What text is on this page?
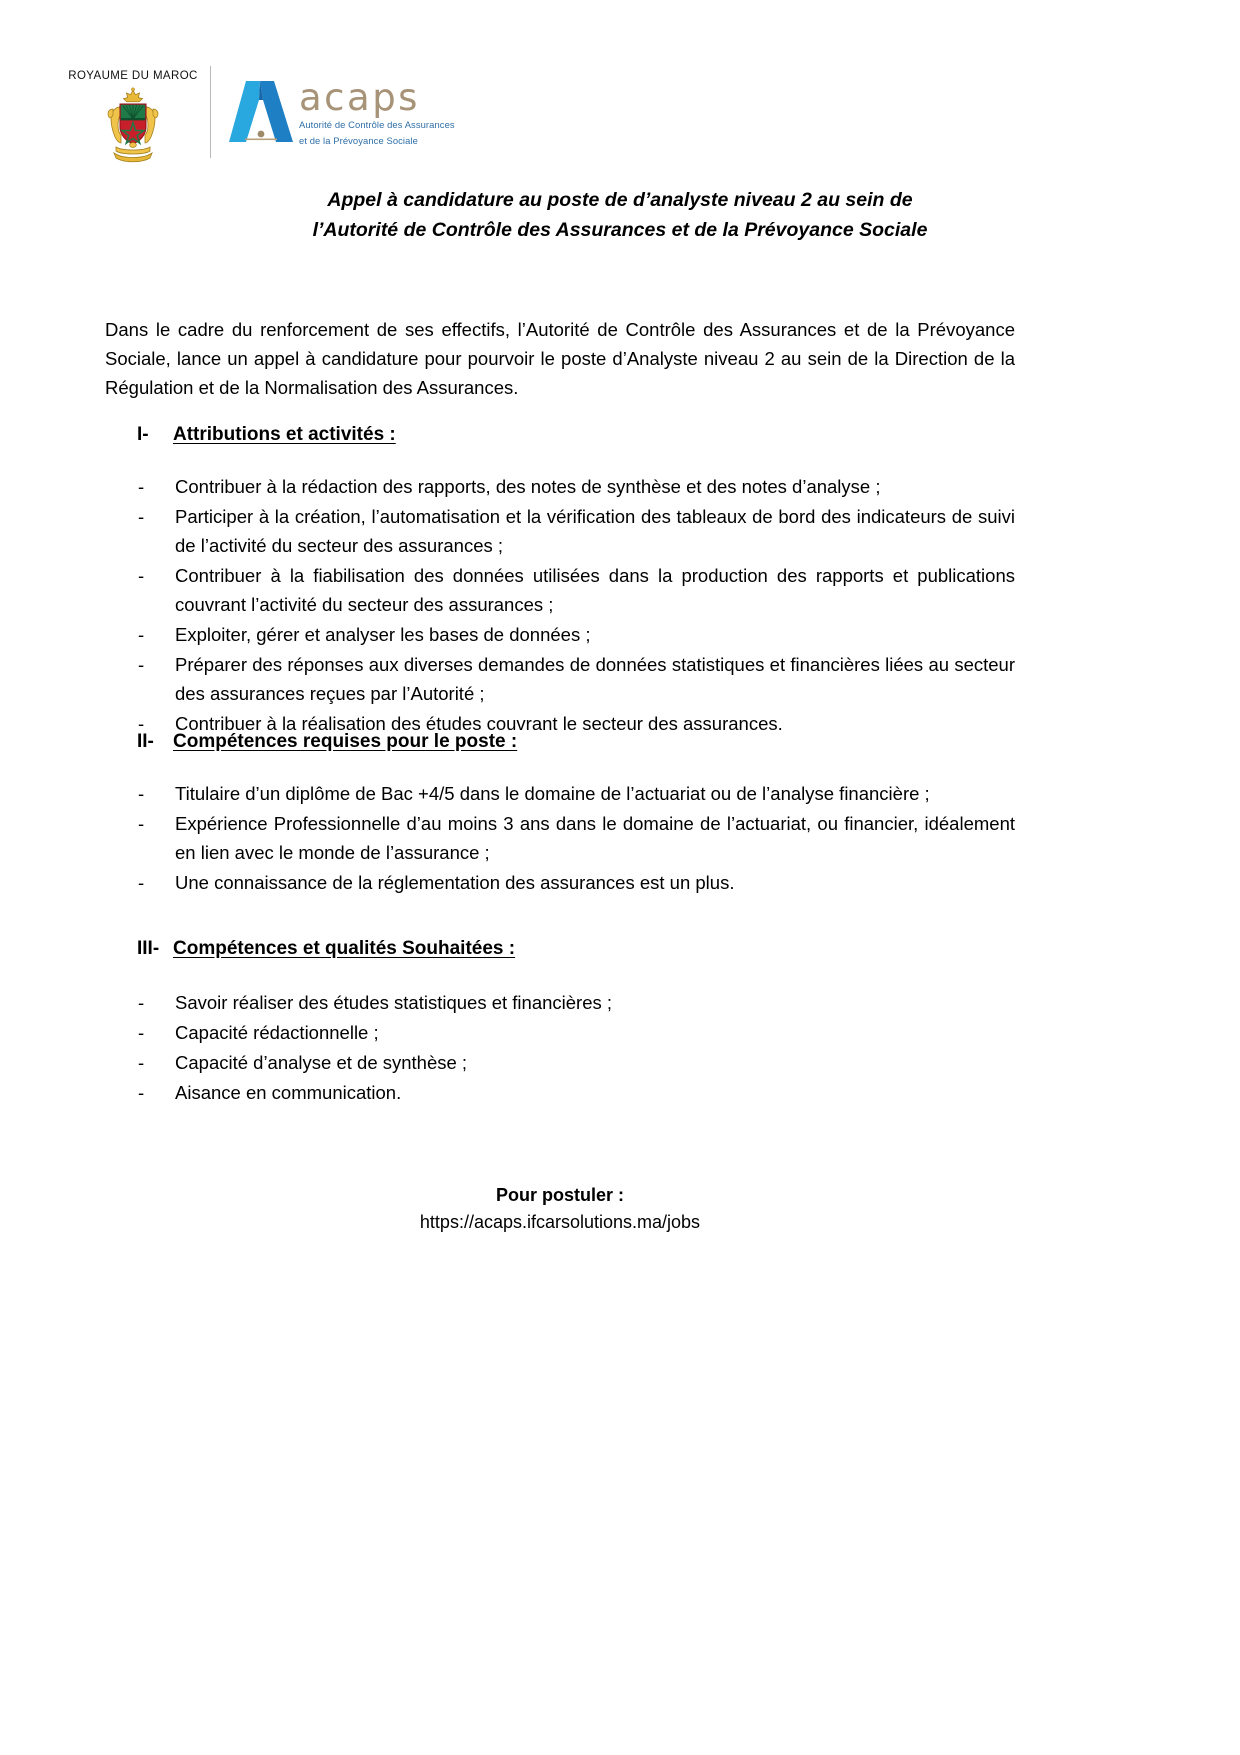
ROYAUME DU MAROC	acaps
Autorité de Contrôle des Assurances
et de la Prévoyance Sociale
Appel à candidature au poste de d’analyste niveau 2 au sein de
l’Autorité de Contrôle des Assurances et de la Prévoyance Sociale

Dans le cadre du renforcement de ses effectifs, l’Autorité de Contrôle des Assurances et de la Prévoyance Sociale, lance un appel à candidature pour pourvoir le poste d’Analyste niveau 2 au sein de la Direction de la Régulation et de la Normalisation des Assurances.

I-	Attributions et activités :
- Contribuer à la rédaction des rapports, des notes de synthèse et des notes d’analyse ;
- Participer à la création, l’automatisation et la vérification des tableaux de bord des indicateurs de suivi de l’activité du secteur des assurances ;
- Contribuer à la fiabilisation des données utilisées dans la production des rapports et publications couvrant l’activité du secteur des assurances ;
- Exploiter, gérer et analyser les bases de données ;
- Préparer des réponses aux diverses demandes de données statistiques et financières liées au secteur des assurances reçues par l’Autorité ;
- Contribuer à la réalisation des études couvrant le secteur des assurances.
II-	Compétences requises pour le poste :
- Titulaire d’un diplôme de Bac +4/5 dans le domaine de l’actuariat ou de l’analyse financière ;
- Expérience Professionnelle d’au moins 3 ans dans le domaine de l’actuariat, ou financier, idéalement en lien avec le monde de l’assurance ;
- Une connaissance de la réglementation des assurances est un plus.
III- Compétences et qualités Souhaitées :
- Savoir réaliser des études statistiques et financières ;
- Capacité rédactionnelle ;
- Capacité d’analyse et de synthèse ;
- Aisance en communication.
Pour postuler :
https://acaps.ifcarsolutions.ma/jobs
